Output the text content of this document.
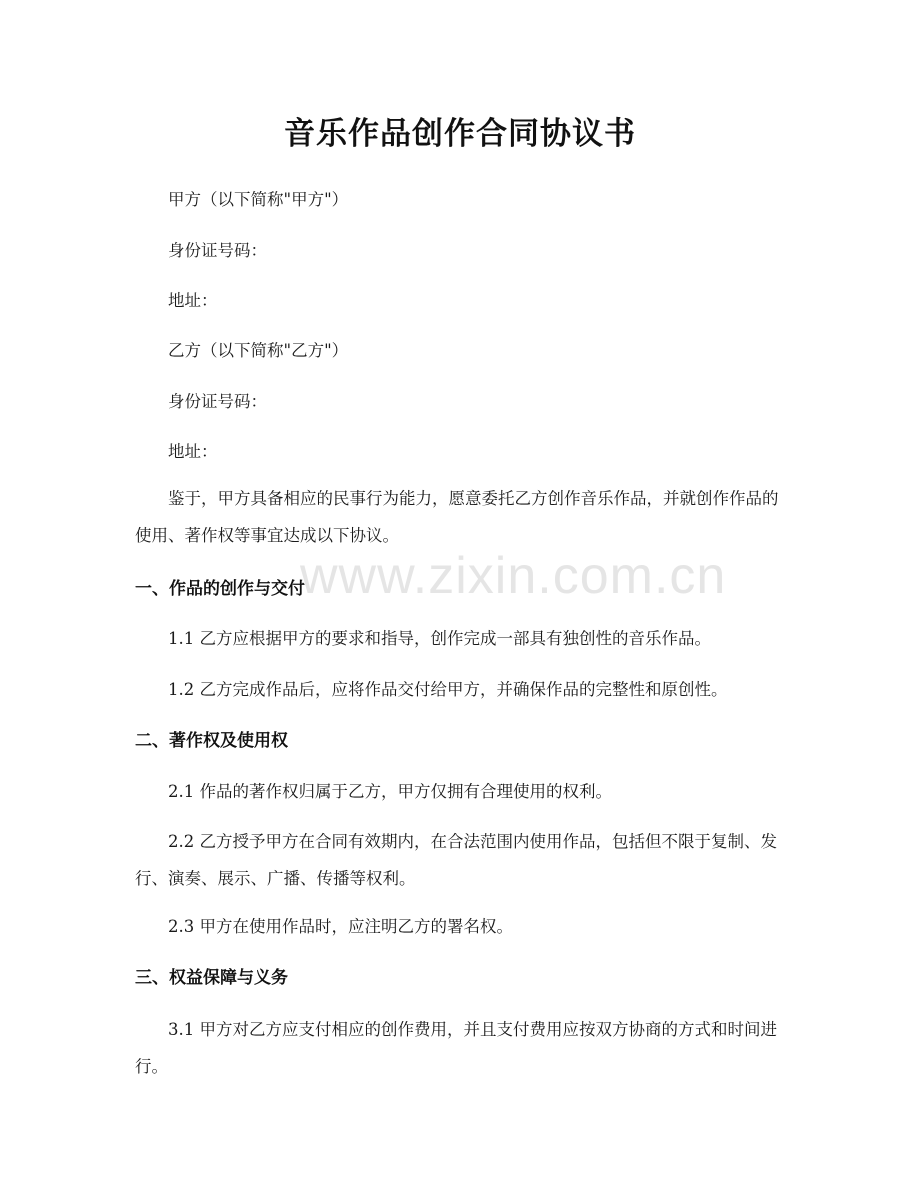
www.zixin.com.cn
音乐作品创作合同协议书
甲方（以下简称"甲方"）
身份证号码：
地址：
乙方（以下简称"乙方"）
身份证号码：
地址：
鉴于，甲方具备相应的民事行为能力，愿意委托乙方创作音乐作品，并就创作作品的使用、著作权等事宜达成以下协议。
一、作品的创作与交付
1.1 乙方应根据甲方的要求和指导，创作完成一部具有独创性的音乐作品。
1.2 乙方完成作品后，应将作品交付给甲方，并确保作品的完整性和原创性。
二、著作权及使用权
2.1 作品的著作权归属于乙方，甲方仅拥有合理使用的权利。
2.2 乙方授予甲方在合同有效期内，在合法范围内使用作品，包括但不限于复制、发行、演奏、展示、广播、传播等权利。
2.3 甲方在使用作品时，应注明乙方的署名权。
三、权益保障与义务
3.1 甲方对乙方应支付相应的创作费用，并且支付费用应按双方协商的方式和时间进行。
